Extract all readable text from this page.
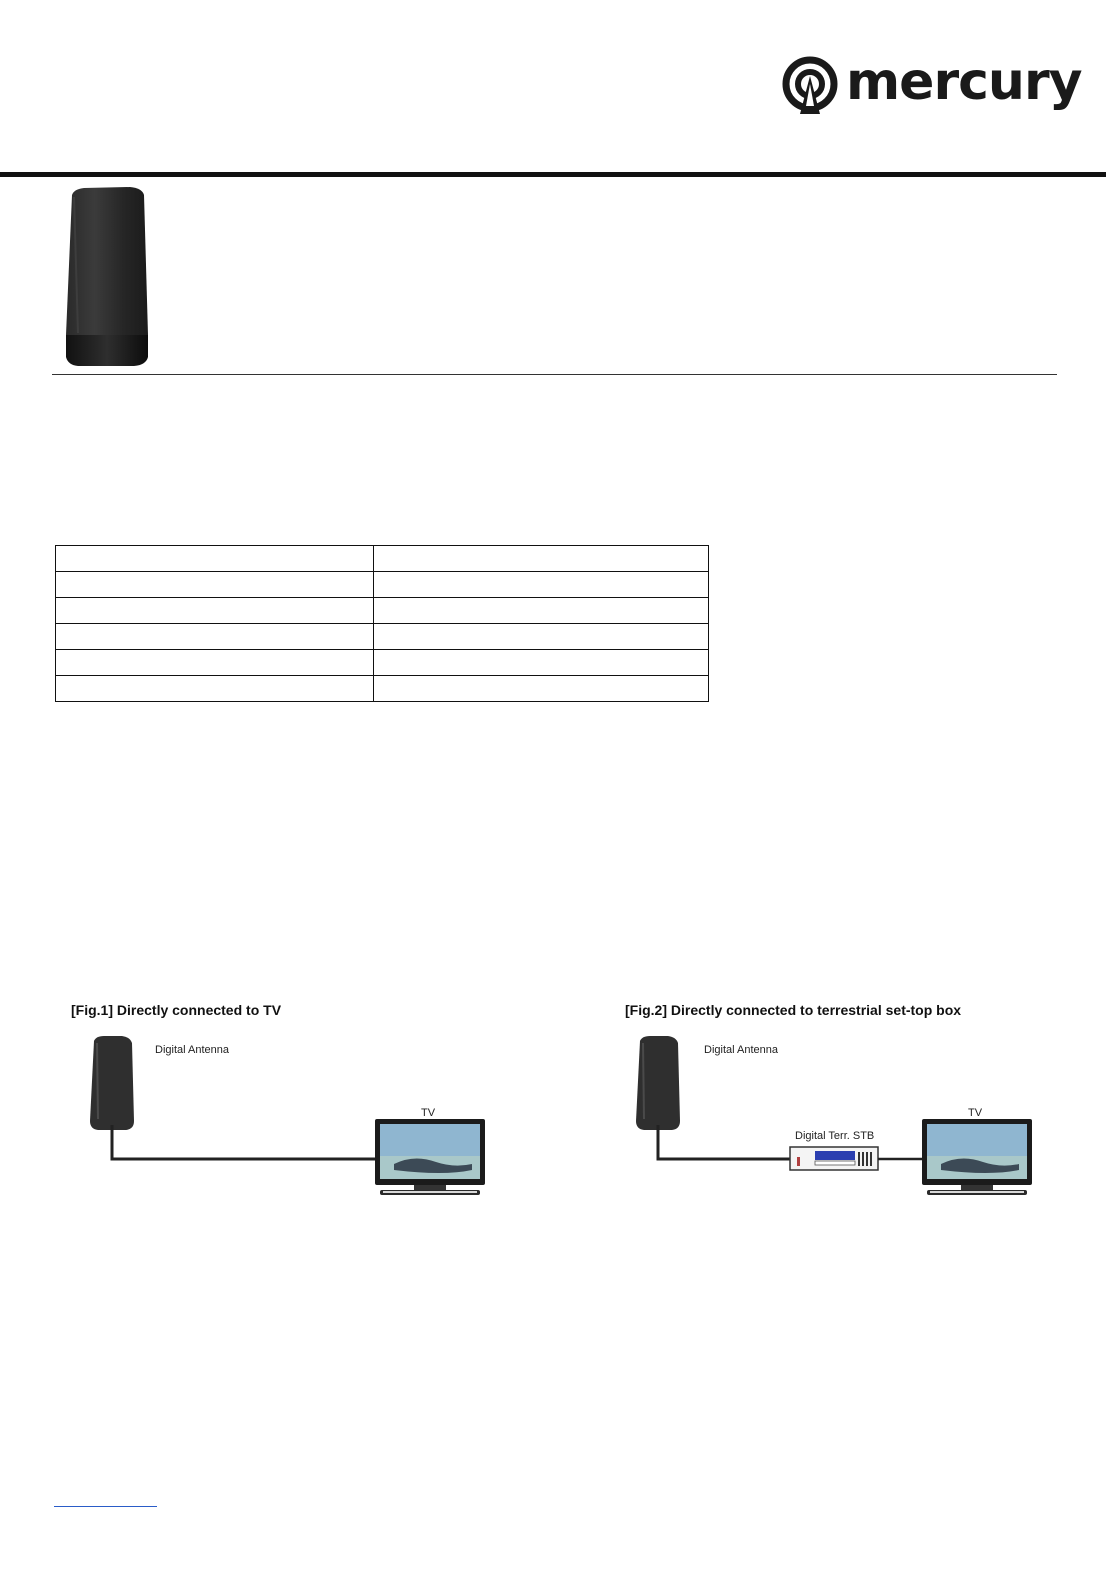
mercury

[Fig.1] Directly connected to TV
Digital Antenna
TV
[Fig.2] Directly connected to terrestrial set-top box
Digital Antenna
Digital Terr. STB
TV
